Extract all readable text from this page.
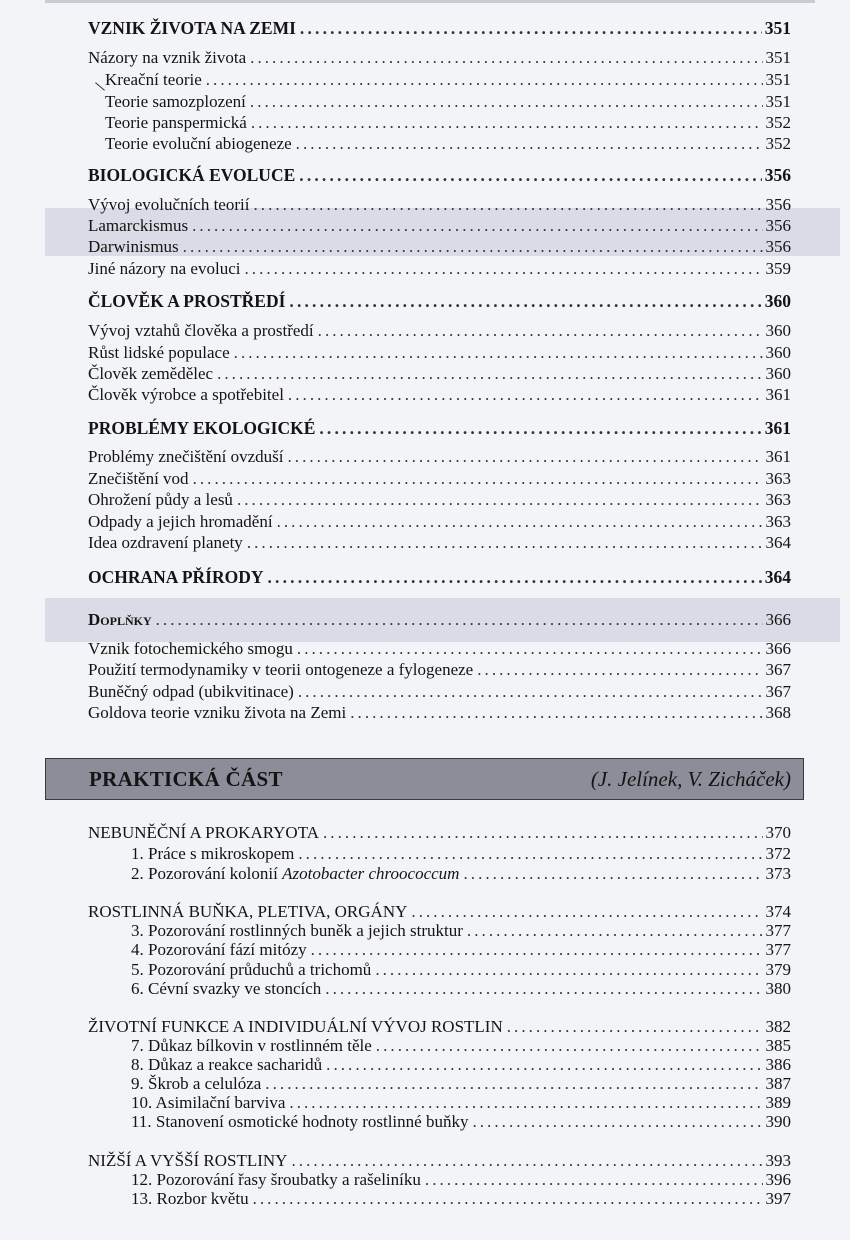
VZNIK ŽIVOTA NA ZEMI . . .	351
Názory na vznik života . . .	351
Kreační teorie . . .	351
Teorie samozplození . . .	351
Teorie panspermická . . .	352
Teorie evoluční abiogeneze . . .	352
BIOLOGICKÁ EVOLUCE . . .	356
Vývoj evolučních teorií . . .	356
Lamarckismus . . .	356
Darwinismus . . .	356
Jiné názory na evoluci . . .	359
ČLOVĚK A PROSTŘEDÍ . . .	360
Vývoj vztahů člověka a prostředí . . .	360
Růst lidské populace . . .	360
Člověk zemědělec . . .	360
Člověk výrobce a spotřebitel . . .	361
PROBLÉMY EKOLOGICKÉ . . .	361
Problémy znečištění ovzduší . . .	361
Znečištění vod . . .	363
Ohrožení půdy a lesů . . .	363
Odpady a jejich hromadění . . .	363
Idea ozdravení planety . . .	364
OCHRANA PŘÍRODY . . .	364
Doplňky . . .	366
Vznik fotochemického smogu . . .	366
Použití termodynamiky v teorii ontogeneze a fylogeneze . . .	367
Buněčný odpad (ubikvitinace) . . .	367
Goldova teorie vzniku života na Zemi . . .	368
PRAKTICKÁ ČÁST	(J. Jelínek, V. Zicháček)
NEBUNĚČNÍ A PROKARYOTA . . .	370
1. Práce s mikroskopem . . .	372
2. Pozorování kolonií Azotobacter chroococcum . . .	373
ROSTLINNÁ BUŇKA, PLETIVA, ORGÁNY . . .	374
3. Pozorování rostlinných buněk a jejich struktur . . .	377
4. Pozorování fází mitózy . . .	377
5. Pozorování průduchů a trichomů . . .	379
6. Cévní svazky ve stoncích . . .	380
ŽIVOTNÍ FUNKCE A INDIVIDUÁLNÍ VÝVOJ ROSTLIN . . .	382
7. Důkaz bílkovin v rostlinném těle . . .	385
8. Důkaz a reakce sacharidů . . .	386
9. Škrob a celulóza . . .	387
10. Asimilační barviva . . .	389
11. Stanovení osmotické hodnoty rostlinné buňky . . .	390
NIŽŠÍ A VYŠŠÍ ROSTLINY . . .	393
12. Pozorování řasy šroubatky a rašeliníku . . .	396
13. Rozbor květu . . .	397
